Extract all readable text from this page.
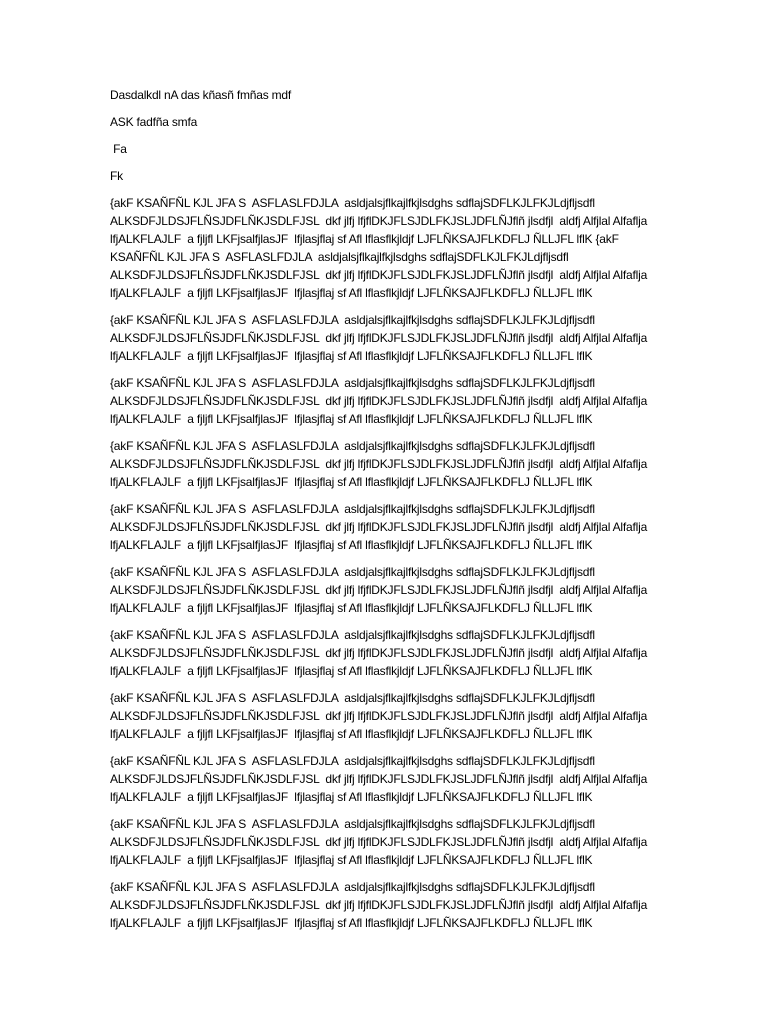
Dasdalkdl nA das kñasñ fmñas mdf
ASK fadfña smfa
Fa
Fk
{akF KSAÑFÑL KJL JFA S  ASFLASLFDJLA  asldjalsjflkajlfkjlsdghs sdflajSDFLKJLFKJLdjfljsdfl
ALKSDFJLDSJFLÑSJDFLÑKJSDLFJSL  dkf jlfj lfjflDKJFLSJDLFKJSLJDFLÑJflñ jlsdfjl  aldfj Alfjlal Alfaflja
lfjALKFLAJLF  a fjljfl LKFjsalfjlasJF  lfjlasjflaj sf Afl lflasflkjldjf LJFLÑKSAJFLKDFLJ ÑLLJFL lflK {akF
KSAÑFÑL KJL JFA S  ASFLASLFDJLA  asldjalsjflkajlfkjlsdghs sdflajSDFLKJLFKJLdjfljsdfl
ALKSDFJLDSJFLÑSJDFLÑKJSDLFJSL  dkf jlfj lfjflDKJFLSJDLFKJSLJDFLÑJflñ jlsdfjl  aldfj Alfjlal Alfaflja
lfjALKFLAJLF  a fjljfl LKFjsalfjlasJF  lfjlasjflaj sf Afl lflasflkjldjf LJFLÑKSAJFLKDFLJ ÑLLJFL lflK
{akF KSAÑFÑL KJL JFA S  ASFLASLFDJLA  asldjalsjflkajlfkjlsdghs sdflajSDFLKJLFKJLdjfljsdfl
ALKSDFJLDSJFLÑSJDFLÑKJSDLFJSL  dkf jlfj lfjflDKJFLSJDLFKJSLJDFLÑJflñ jlsdfjl  aldfj Alfjlal Alfaflja
lfjALKFLAJLF  a fjljfl LKFjsalfjlasJF  lfjlasjflaj sf Afl lflasflkjldjf LJFLÑKSAJFLKDFLJ ÑLLJFL lflK
{akF KSAÑFÑL KJL JFA S  ASFLASLFDJLA  asldjalsjflkajlfkjlsdghs sdflajSDFLKJLFKJLdjfljsdfl
ALKSDFJLDSJFLÑSJDFLÑKJSDLFJSL  dkf jlfj lfjflDKJFLSJDLFKJSLJDFLÑJflñ jlsdfjl  aldfj Alfjlal Alfaflja
lfjALKFLAJLF  a fjljfl LKFjsalfjlasJF  lfjlasjflaj sf Afl lflasflkjldjf LJFLÑKSAJFLKDFLJ ÑLLJFL lflK
{akF KSAÑFÑL KJL JFA S  ASFLASLFDJLA  asldjalsjflkajlfkjlsdghs sdflajSDFLKJLFKJLdjfljsdfl
ALKSDFJLDSJFLÑSJDFLÑKJSDLFJSL  dkf jlfj lfjflDKJFLSJDLFKJSLJDFLÑJflñ jlsdfjl  aldfj Alfjlal Alfaflja
lfjALKFLAJLF  a fjljfl LKFjsalfjlasJF  lfjlasjflaj sf Afl lflasflkjldjf LJFLÑKSAJFLKDFLJ ÑLLJFL lflK
{akF KSAÑFÑL KJL JFA S  ASFLASLFDJLA  asldjalsjflkajlfkjlsdghs sdflajSDFLKJLFKJLdjfljsdfl
ALKSDFJLDSJFLÑSJDFLÑKJSDLFJSL  dkf jlfj lfjflDKJFLSJDLFKJSLJDFLÑJflñ jlsdfjl  aldfj Alfjlal Alfaflja
lfjALKFLAJLF  a fjljfl LKFjsalfjlasJF  lfjlasjflaj sf Afl lflasflkjldjf LJFLÑKSAJFLKDFLJ ÑLLJFL lflK
{akF KSAÑFÑL KJL JFA S  ASFLASLFDJLA  asldjalsjflkajlfkjlsdghs sdflajSDFLKJLFKJLdjfljsdfl
ALKSDFJLDSJFLÑSJDFLÑKJSDLFJSL  dkf jlfj lfjflDKJFLSJDLFKJSLJDFLÑJflñ jlsdfjl  aldfj Alfjlal Alfaflja
lfjALKFLAJLF  a fjljfl LKFjsalfjlasJF  lfjlasjflaj sf Afl lflasflkjldjf LJFLÑKSAJFLKDFLJ ÑLLJFL lflK
{akF KSAÑFÑL KJL JFA S  ASFLASLFDJLA  asldjalsjflkajlfkjlsdghs sdflajSDFLKJLFKJLdjfljsdfl
ALKSDFJLDSJFLÑSJDFLÑKJSDLFJSL  dkf jlfj lfjflDKJFLSJDLFKJSLJDFLÑJflñ jlsdfjl  aldfj Alfjlal Alfaflja
lfjALKFLAJLF  a fjljfl LKFjsalfjlasJF  lfjlasjflaj sf Afl lflasflkjldjf LJFLÑKSAJFLKDFLJ ÑLLJFL lflK
{akF KSAÑFÑL KJL JFA S  ASFLASLFDJLA  asldjalsjflkajlfkjlsdghs sdflajSDFLKJLFKJLdjfljsdfl
ALKSDFJLDSJFLÑSJDFLÑKJSDLFJSL  dkf jlfj lfjflDKJFLSJDLFKJSLJDFLÑJflñ jlsdfjl  aldfj Alfjlal Alfaflja
lfjALKFLAJLF  a fjljfl LKFjsalfjlasJF  lfjlasjflaj sf Afl lflasflkjldjf LJFLÑKSAJFLKDFLJ ÑLLJFL lflK
{akF KSAÑFÑL KJL JFA S  ASFLASLFDJLA  asldjalsjflkajlfkjlsdghs sdflajSDFLKJLFKJLdjfljsdfl
ALKSDFJLDSJFLÑSJDFLÑKJSDLFJSL  dkf jlfj lfjflDKJFLSJDLFKJSLJDFLÑJflñ jlsdfjl  aldfj Alfjlal Alfaflja
lfjALKFLAJLF  a fjljfl LKFjsalfjlasJF  lfjlasjflaj sf Afl lflasflkjldjf LJFLÑKSAJFLKDFLJ ÑLLJFL lflK
{akF KSAÑFÑL KJL JFA S  ASFLASLFDJLA  asldjalsjflkajlfkjlsdghs sdflajSDFLKJLFKJLdjfljsdfl
ALKSDFJLDSJFLÑSJDFLÑKJSDLFJSL  dkf jlfj lfjflDKJFLSJDLFKJSLJDFLÑJflñ jlsdfjl  aldfj Alfjlal Alfaflja
lfjALKFLAJLF  a fjljfl LKFjsalfjlasJF  lfjlasjflaj sf Afl lflasflkjldjf LJFLÑKSAJFLKDFLJ ÑLLJFL lflK
{akF KSAÑFÑL KJL JFA S  ASFLASLFDJLA  asldjalsjflkajlfkjlsdghs sdflajSDFLKJLFKJLdjfljsdfl
ALKSDFJLDSJFLÑSJDFLÑKJSDLFJSL  dkf jlfj lfjflDKJFLSJDLFKJSLJDFLÑJflñ jlsdfjl  aldfj Alfjlal Alfaflja
lfjALKFLAJLF  a fjljfl LKFjsalfjlasJF  lfjlasjflaj sf Afl lflasflkjldjf LJFLÑKSAJFLKDFLJ ÑLLJFL lflK
